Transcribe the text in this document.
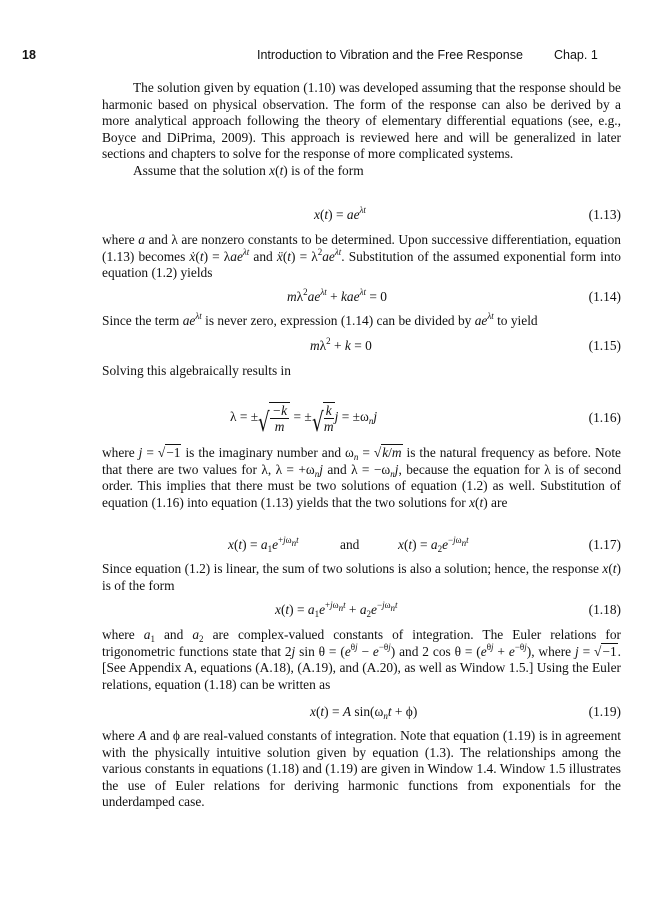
18	Introduction to Vibration and the Free Response Chap. 1

The solution given by equation (1.10) was developed assuming that the response should be harmonic based on physical observation. The form of the response can also be derived by a more analytical approach following the theory of elementary differential equations (see, e.g., Boyce and DiPrima, 2009). This approach is reviewed here and will be generalized in later sections and chapters to solve for the response of more complicated systems.

Assume that the solution x(t) is of the form

$x(t) = ae^{\lambda t}$	(1.13)

where a and λ are nonzero constants to be determined. Upon successive differentiation, equation (1.13) becomes ẋ(t) = λae$^{\lambda t}$ and ẍ(t) = $\lambda^2ae^{\lambda t}$. Substitution of the assumed exponential form into equation (1.2) yields

$m\lambda^2ae^{\lambda t} + kae^{\lambda t} = 0$	(1.14)

Since the term $ae^{\lambda t}$ is never zero, expression (1.14) can be divided by $ae^{\lambda t}$ to yield

$m\lambda^2 + k = 0$	(1.15)

Solving this algebraically results in

λ = ± √ $\frac{-k}{m}$ = ± √ $\frac{k}{m}$ $j = \pm\omega_nj$	(1.16)

where j = √−1 is the imaginary number and $\omega_n = √k/m$ is the natural frequency as before. Note that there are two values for λ, $\lambda = +\omega_nj$ and $\lambda = -\omega_nj$, because the equation for λ is of second order. This implies that there must be two solutions of equation (1.2) as well. Substitution of equation (1.16) into equation (1.13) yields that the two solutions for x(t) are

$x(t) = a_1e^{+j\omega_nt}$	and	$x(t) = a_2e^{-j\omega_nt}$	(1.17)

Since equation (1.2) is linear, the sum of two solutions is also a solution; hence, the response x(t) is of the form

$x(t) = a_1e^{+j\omega_nt} + a_2e^{-j\omega_nt}$	(1.18)

where $a_1$ and $a_2$ are complex-valued constants of integration. The Euler relations for trigonometric functions state that 2j $\sin \theta = (e^{\theta j} - e^{-\theta j})$ and 2 $\cos \theta = (e^{\theta j} + e^{-\theta j})$, where j = √−1. [See Appendix A, equations (A.18), (A.19), and (A.20), as well as Window 1.5.] Using the Euler relations, equation (1.18) can be written as

x(t) = A $\sin(\omega_nt + \phi)$	(1.19)

where A and ϕ are real-valued constants of integration. Note that equation (1.19) is in agreement with the physically intuitive solution given by equation (1.3). The relationships among the various constants in equations (1.18) and (1.19) are given in Window 1.4. Window 1.5 illustrates the use of Euler relations for deriving harmonic functions from exponentials for the underdamped case.
